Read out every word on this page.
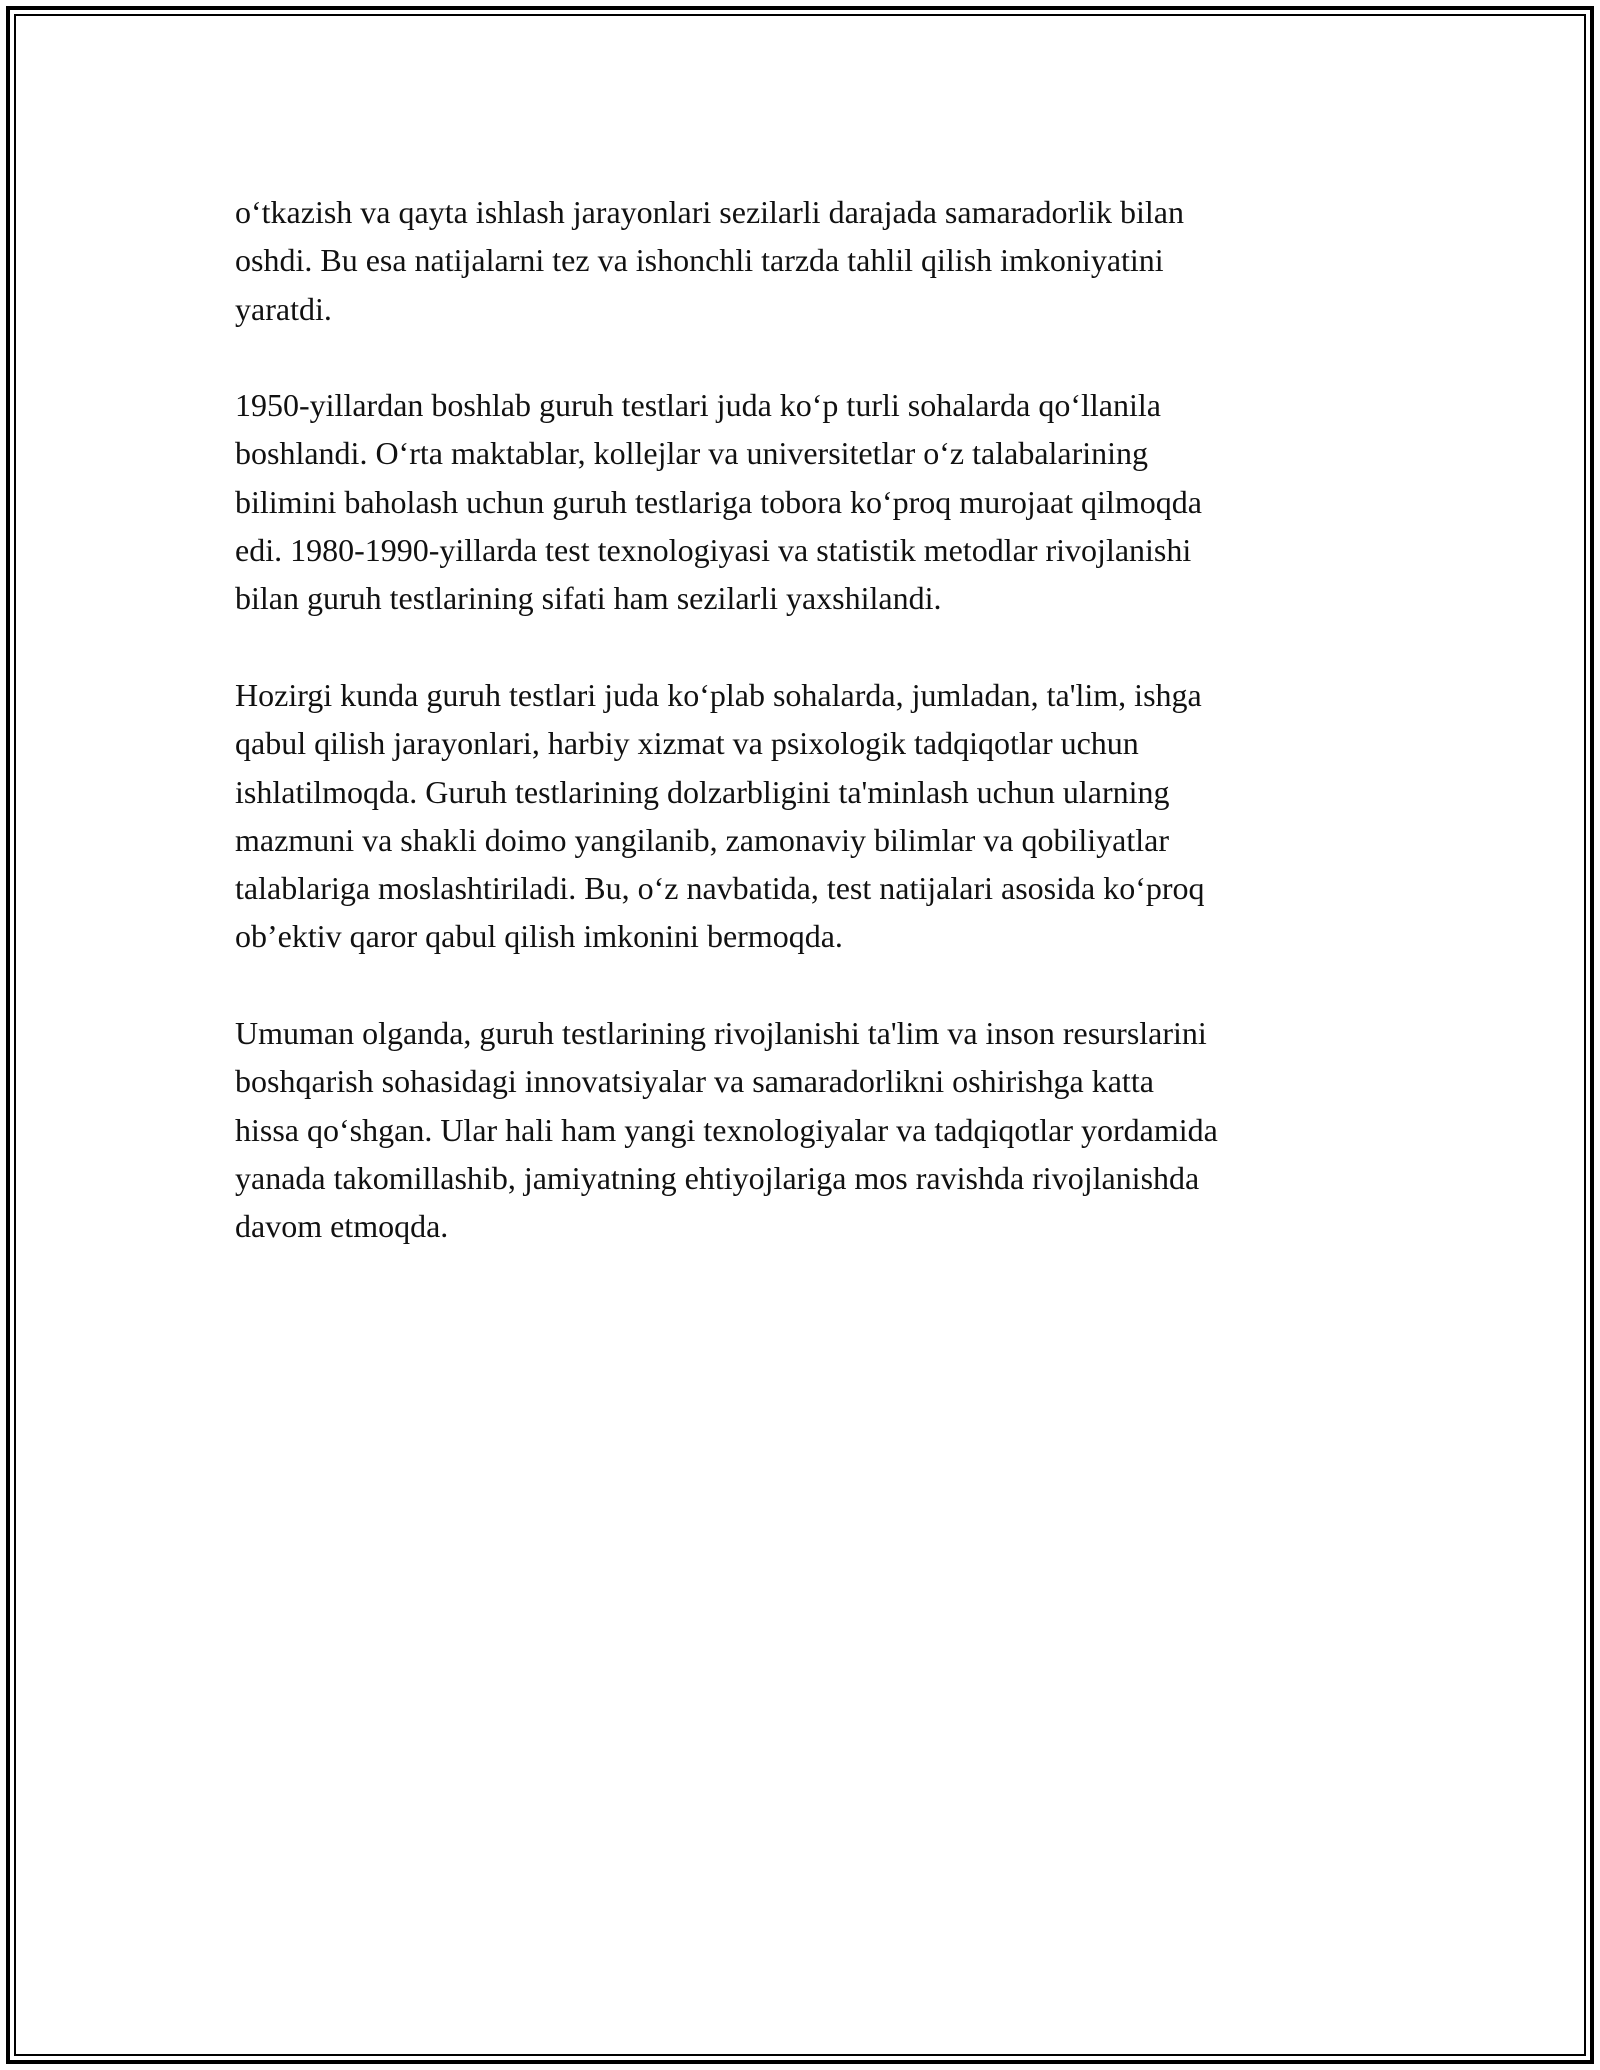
o‘tkazish va qayta ishlash jarayonlari sezilarli darajada samaradorlik bilan
oshdi. Bu esa natijalarni tez va ishonchli tarzda tahlil qilish imkoniyatini
yaratdi.

1950-yillardan boshlab guruh testlari juda ko‘p turli sohalarda qo‘llanila
boshlandi. O‘rta maktablar, kollejlar va universitetlar o‘z talabalarining
bilimini baholash uchun guruh testlariga tobora ko‘proq murojaat qilmoqda
edi. 1980-1990-yillarda test texnologiyasi va statistik metodlar rivojlanishi
bilan guruh testlarining sifati ham sezilarli yaxshilandi.

Hozirgi kunda guruh testlari juda ko‘plab sohalarda, jumladan, ta'lim, ishga
qabul qilish jarayonlari, harbiy xizmat va psixologik tadqiqotlar uchun
ishlatilmoqda. Guruh testlarining dolzarbligini ta'minlash uchun ularning
mazmuni va shakli doimo yangilanib, zamonaviy bilimlar va qobiliyatlar
talablariga moslashtiriladi. Bu, o‘z navbatida, test natijalari asosida ko‘proq
ob’ektiv qaror qabul qilish imkonini bermoqda.

Umuman olganda, guruh testlarining rivojlanishi ta'lim va inson resurslarini
boshqarish sohasidagi innovatsiyalar va samaradorlikni oshirishga katta
hissa qo‘shgan. Ular hali ham yangi texnologiyalar va tadqiqotlar yordamida
yanada takomillashib, jamiyatning ehtiyojlariga mos ravishda rivojlanishda
davom etmoqda.
